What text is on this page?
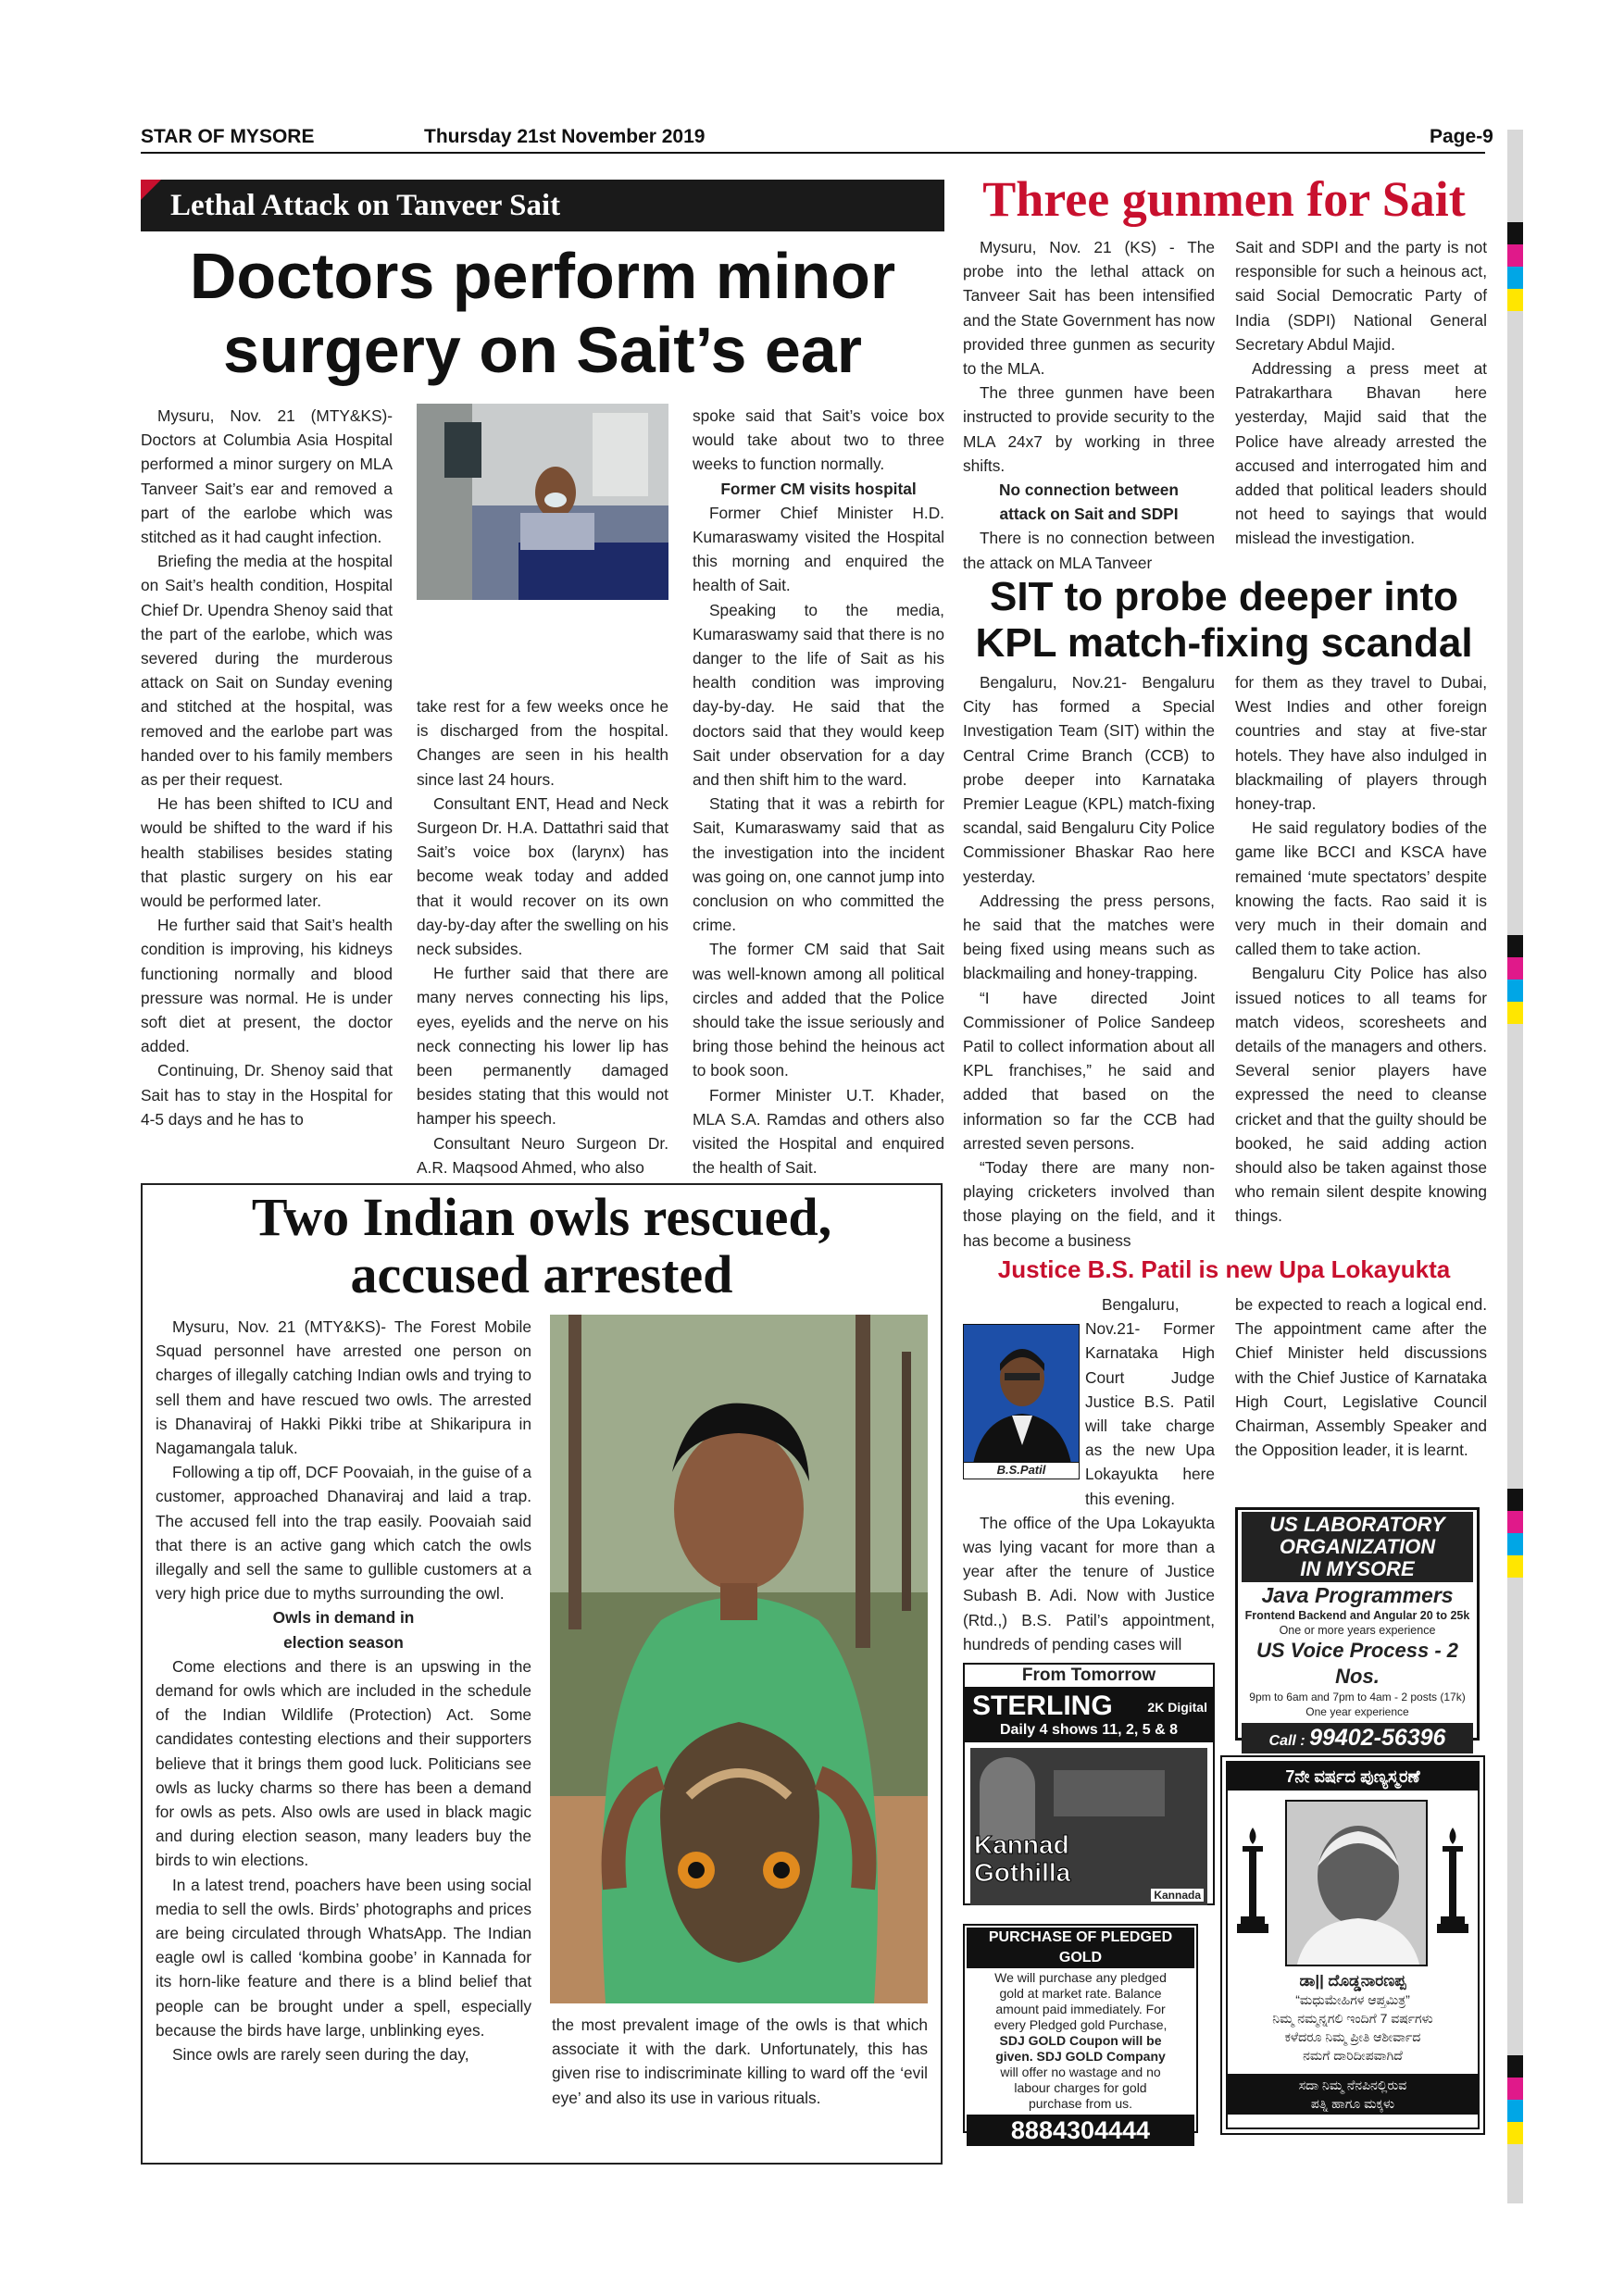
STAR OF MYSORE	Thursday 21st November 2019	Page-9
Lethal Attack on Tanveer Sait
Doctors perform minor
surgery on Sait’s ear

Mysuru, Nov. 21 (MTY&KS)- Doctors at Columbia Asia Hospital performed a minor surgery on MLA Tanveer Sait’s ear and removed a part of the earlobe which was stitched as it had caught infection.

Briefing the media at the hospital on Sait’s health condition, Hospital Chief Dr. Upendra Shenoy said that the part of the earlobe, which was severed during the murderous attack on Sait on Sunday evening and stitched at the hospital, was removed and the earlobe part was handed over to his family members as per their request.

He has been shifted to ICU and would be shifted to the ward if his health stabilises besides stating that plastic surgery on his ear would be performed later.

He further said that Sait’s health condition is improving, his kidneys functioning normally and blood pressure was normal. He is under soft diet at present, the doctor added.

Continuing, Dr. Shenoy said that Sait has to stay in the Hospital for 4-5 days and he has to

take rest for a few weeks once he is discharged from the hospital. Changes are seen in his health since last 24 hours.

Consultant ENT, Head and Neck Surgeon Dr. H.A. Dattathri said that Sait’s voice box (larynx) has become weak today and added that it would recover on its own day-by-day after the swelling on his neck subsides.

He further said that there are many nerves connecting his lips, eyes, eyelids and the nerve on his neck connecting his lower lip has been permanently damaged besides stating that this would not hamper his speech.

Consultant Neuro Surgeon Dr. A.R. Maqsood Ahmed, who also

spoke said that Sait’s voice box would take about two to three weeks to function normally.

Former CM visits hospital

Former Chief Minister H.D. Kumaraswamy visited the Hospital this morning and enquired the health of Sait.

Speaking to the media, Kumaraswamy said that there is no danger to the life of Sait as his health condition was improving day-by-day. He said that the doctors said that they would keep Sait under observation for a day and then shift him to the ward.

Stating that it was a rebirth for Sait, Kumaraswamy said that as the investigation into the incident was going on, one cannot jump into conclusion on who committed the crime.

The former CM said that Sait was well-known among all political circles and added that the Police should take the issue seriously and bring those behind the heinous act to book soon.

Former Minister U.T. Khader, MLA S.A. Ramdas and others also visited the Hospital and enquired the health of Sait.

Three gunmen for Sait

Mysuru, Nov. 21 (KS) - The probe into the lethal attack on Tanveer Sait has been intensified and the State Government has now provided three gunmen as security to the MLA.

The three gunmen have been instructed to provide security to the MLA 24x7 by working in three shifts.

No connection between

attack on Sait and SDPI

There is no connection between the attack on MLA Tanveer

Sait and SDPI and the party is not responsible for such a heinous act, said Social Democratic Party of India (SDPI) National General Secretary Abdul Majid.

Addressing a press meet at Patrakarthara Bhavan here yesterday, Majid said that the Police have already arrested the accused and interrogated him and added that political leaders should not heed to sayings that would mislead the investigation.

SIT to probe deeper into
KPL match-fixing scandal

Bengaluru, Nov.21- Bengaluru City has formed a Special Investigation Team (SIT) within the Central Crime Branch (CCB) to probe deeper into Karnataka Premier League (KPL) match-fixing scandal, said Bengaluru City Police Commissioner Bhaskar Rao here yesterday.

Addressing the press persons, he said that the matches were being fixed using means such as blackmailing and honey-trapping.

“I have directed Joint Commissioner of Police Sandeep Patil to collect information about all KPL franchises,” he said and added that based on the information so far the CCB had arrested seven persons.

“Today there are many non-playing cricketers involved than those playing on the field, and it has become a business

for them as they travel to Dubai, West Indies and other foreign countries and stay at five-star hotels. They have also indulged in blackmailing of players through honey-trap.

He said regulatory bodies of the game like BCCI and KSCA have remained ‘mute spectators’ despite knowing the facts. Rao said it is very much in their domain and called them to take action.

Bengaluru City Police has also issued notices to all teams for match videos, scoresheets and details of the managers and others. Several senior players have expressed the need to cleanse cricket and that the guilty should be booked, he said adding action should also be taken against those who remain silent despite knowing things.

Justice B.S. Patil is new Upa Lokayukta
B.S.Patil

Bengaluru, Nov.21- Former Karnataka High Court Judge Justice B.S. Patil will take charge as the new Upa Lokayukta here this evening.

The office of the Upa Lokayukta was lying vacant for more than a year after the tenure of Justice Subash B. Adi. Now with Justice (Rtd.,) B.S. Patil’s appointment, hundreds of pending cases will

be expected to reach a logical end. The appointment came after the Chief Minister held discussions with the Chief Justice of Karnataka High Court, Legislative Council Chairman, Assembly Speaker and the Opposition leader, it is learnt.

Two Indian owls rescued,
accused arrested

Mysuru, Nov. 21 (MTY&KS)- The Forest Mobile Squad personnel have arrested one person on charges of illegally catching Indian owls and trying to sell them and have rescued two owls. The arrested is Dhanaviraj of Hakki Pikki tribe at Shikaripura in Nagamangala taluk.

Following a tip off, DCF Poovaiah, in the guise of a customer, approached Dhanaviraj and laid a trap. The accused fell into the trap easily. Poovaiah said that there is an active gang which catch the owls illegally and sell the same to gullible customers at a very high price due to myths surrounding the owl.

Owls in demand in

election season

Come elections and there is an upswing in the demand for owls which are included in the schedule of the Indian Wildlife (Protection) Act. Some candidates contesting elections and their supporters believe that it brings them good luck. Politicians see owls as lucky charms so there has been a demand for owls as pets. Also owls are used in black magic and during election season, many leaders buy the birds to win elections.

In a latest trend, poachers have been using social media to sell the owls. Birds’ photographs and prices are being circulated through WhatsApp. The Indian eagle owl is called ‘kombina goobe’ in Kannada for its horn-like feature and there is a blind belief that people can be brought under a spell, especially because the birds have large, unblinking eyes.

Since owls are rarely seen during the day,

the most prevalent image of the owls is that which associate it with the dark. Unfortunately, this has given rise to indiscriminate killing to ward off the ‘evil eye’ and also its use in various rituals.

US LABORATORY
ORGANIZATION
IN MYSORE
Java Programmers
Frontend Backend and Angular 20 to 25k
One or more years experience
US Voice Process - 2 Nos.
9pm to 6am and 7pm to 4am - 2 posts (17k)
One year experience
Call : 99402-56396
From Tomorrow
STERLING	2K Digital
Daily 4 shows 11, 2, 5 & 8
Kannad
Gothilla
Kannada
PURCHASE OF PLEDGED GOLD
We will purchase any pledged
gold at market rate. Balance
amount paid immediately. For
every Pledged gold Purchase,
SDJ GOLD Coupon will be
given. SDJ GOLD Company
will offer no wastage and no
labour charges for gold
purchase from us.
8884304444
7ನೇ ವರ್ಷದ ಪುಣ್ಯಸ್ಮರಣೆ
ಡಾ|| ದೊಡ್ಡನಾರಣಪ್ಪ
“ಮಧುಮೇಹಿಗಳ ಆಪ್ತಮಿತ್ರ”
ನಿಮ್ಮ ನಮ್ಮನ್ನಗಲಿ ಇಂದಿಗೆ 7 ವರ್ಷಗಳು
ಕಳೆದರೂ ನಿಮ್ಮ ಪ್ರೀತಿ ಆಶೀರ್ವಾದ
ನಮಗೆ ದಾರಿದೀಪವಾಗಿದೆ
ಸದಾ ನಿಮ್ಮ ನೆನಪಿನಲ್ಲಿರುವ
ಪತ್ನಿ ಹಾಗೂ ಮಕ್ಕಳು
